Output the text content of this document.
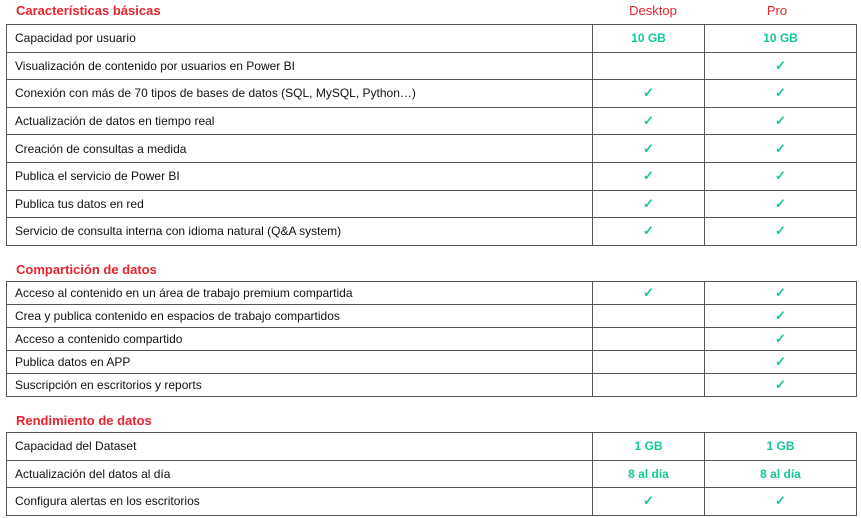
Características básicas	Desktop	Pro
Capacidad por usuario	10 GB	10 GB
Visualización de contenido por usuarios en Power BI		✓
Conexión con más de 70 tipos de bases de datos (SQL, MySQL, Python…)	✓	✓
Actualización de datos en tiempo real	✓	✓
Creación de consultas a medida	✓	✓
Publica el servicio de Power BI	✓	✓
Publica tus datos en red	✓	✓
Servicio de consulta interna con idioma natural (Q&A system)	✓	✓
Compartición de datos
Acceso al contenido en un área de trabajo premium compartida	✓	✓
Crea y publica contenido en espacios de trabajo compartidos		✓
Acceso a contenido compartido		✓
Publica datos en APP		✓
Suscripción en escritorios y reports		✓
Rendimiento de datos
Capacidad del Dataset	1 GB	1 GB
Actualización del datos al día	8 al día	8 al día
Configura alertas en los escritorios	✓	✓
